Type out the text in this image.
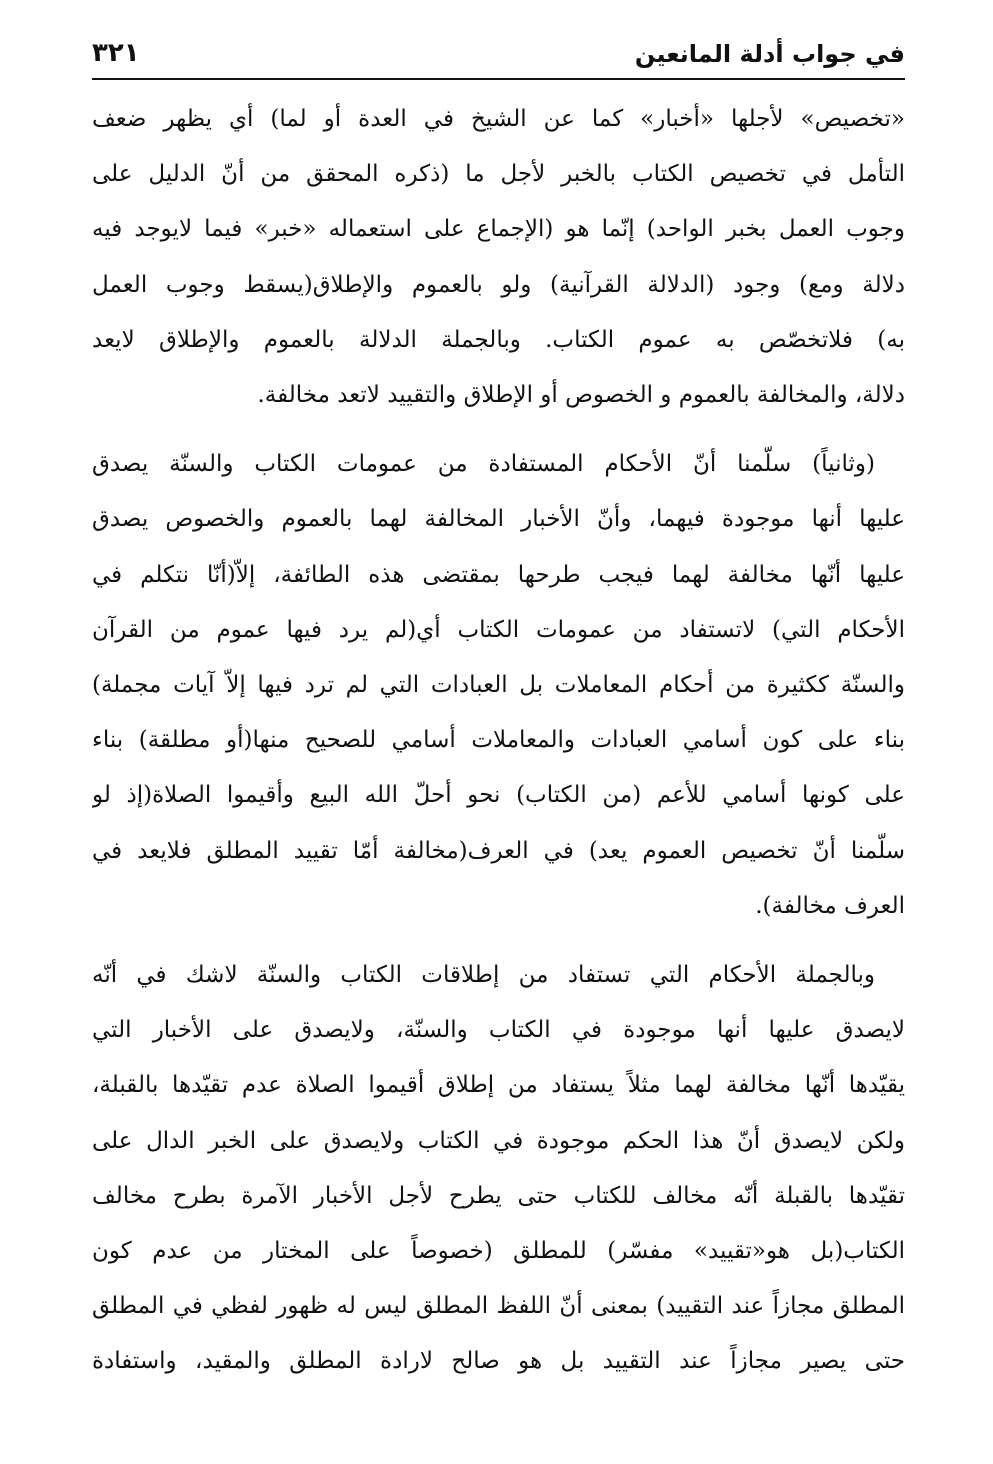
في جواب أدلة المانعين
٣٢١

«تخصيص» لأجلها «أخبار» كما عن الشيخ في العدة أو لما) أي يظهر ضعف
التأمل في تخصيص الكتاب بالخبر لأجل ما (ذكره المحقق من أنّ الدليل على
وجوب العمل بخبر الواحد) إنّما هو (الإجماع على استعماله «خبر» فيما لايوجد فيه
دلالة ومع) وجود (الدلالة القرآنية) ولو بالعموم والإطلاق(يسقط وجوب العمل
به) فلاتخصّص به عموم الكتاب. وبالجملة الدلالة بالعموم والإطلاق لايعد
دلالة، والمخالفة بالعموم و الخصوص أو الإطلاق والتقييد لاتعد مخالفة.

(وثانياً) سلّمنا أنّ الأحكام المستفادة من عمومات الكتاب والسنّة يصدق
عليها أنها موجودة فيهما، وأنّ الأخبار المخالفة لهما بالعموم والخصوص يصدق
عليها أنّها مخالفة لهما فيجب طرحها بمقتضى هذه الطائفة، إلاّ(أنّا نتكلم في
الأحكام التي) لاتستفاد من عمومات الكتاب أي(لم يرد فيها عموم من القرآن
والسنّة ككثيرة من أحكام المعاملات بل العبادات التي لم ترد فيها إلاّ آيات مجملة)
بناء على كون أسامي العبادات والمعاملات أسامي للصحيح منها(أو مطلقة) بناء
على كونها أسامي للأعم (من الكتاب) نحو أحلّ الله البيع وأقيموا الصلاة(إذ لو
سلّمنا أنّ تخصيص العموم يعد) في العرف(مخالفة أمّا تقييد المطلق فلايعد في
العرف مخالفة).

وبالجملة الأحكام التي تستفاد من إطلاقات الكتاب والسنّة لاشك في أنّه
لايصدق عليها أنها موجودة في الكتاب والسنّة، ولايصدق على الأخبار التي
يقيّدها أنّها مخالفة لهما مثلاً يستفاد من إطلاق أقيموا الصلاة عدم تقيّدها بالقبلة،
ولكن لايصدق أنّ هذا الحكم موجودة في الكتاب ولايصدق على الخبر الدال على
تقيّدها بالقبلة أنّه مخالف للكتاب حتى يطرح لأجل الأخبار الآمرة بطرح مخالف
الكتاب(بل هو«تقييد» مفسّر) للمطلق (خصوصاً على المختار من عدم كون
المطلق مجازاً عند التقييد) بمعنى أنّ اللفظ المطلق ليس له ظهور لفظي في المطلق
حتى يصير مجازاً عند التقييد بل هو صالح لارادة المطلق والمقيد، واستفادة
